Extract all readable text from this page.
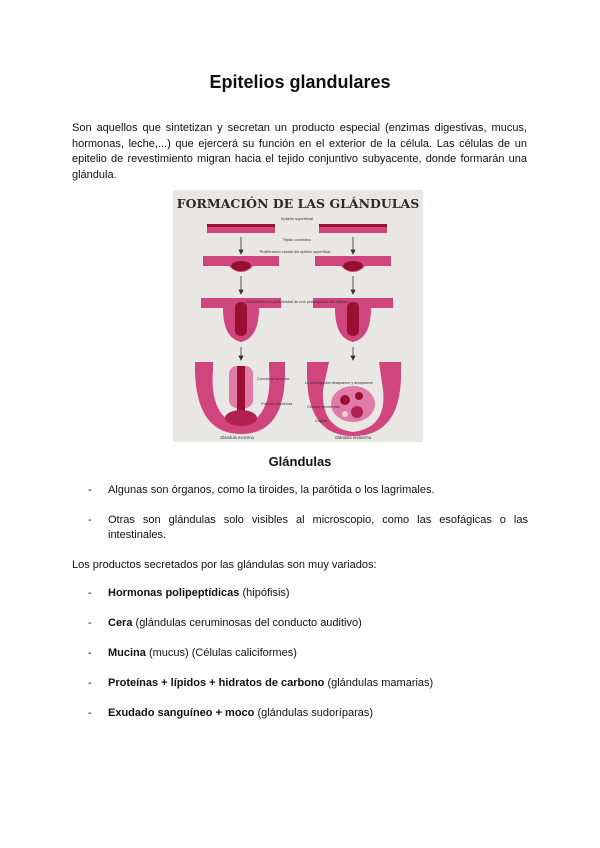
Epitelios glandulares

Son aquellos que sintetizan y secretan un producto especial (enzimas digestivas, mucus, hormonas, leche,...) que ejercerá su función en el exterior de la célula. Las células de un epitelio de revestimiento migran hacia el tejido conjuntivo subyacente, donde formarán una glándula.

FORMACIÓN DE LAS GLÁNDULAS
Epitelio superficial
Tejido conectivo
Proliferación celular del epitelio superficial
Crecimiento en profundidad de una prolongación del epitelio
Conducto secretor
Porción secretora
La prolongación desaparece y desaparece
Células secretoras
Capilar
Glándula exocrina	Glándula endocrina
Glándulas
- Algunas son órganos, como la tiroides, la parótida o los lagrimales.
- Otras son glándulas solo visibles al microscopio, como las esofágicas o las intestinales.

Los productos secretados por las glándulas son muy variados:

- Hormonas polipeptídicas (hipófisis)
- Cera (glándulas ceruminosas del conducto auditivo)
- Mucina (mucus) (Células caliciformes)
- Proteínas + lípidos + hidratos de carbono (glándulas mamarias)
- Exudado sanguíneo + moco (glándulas sudoríparas)
